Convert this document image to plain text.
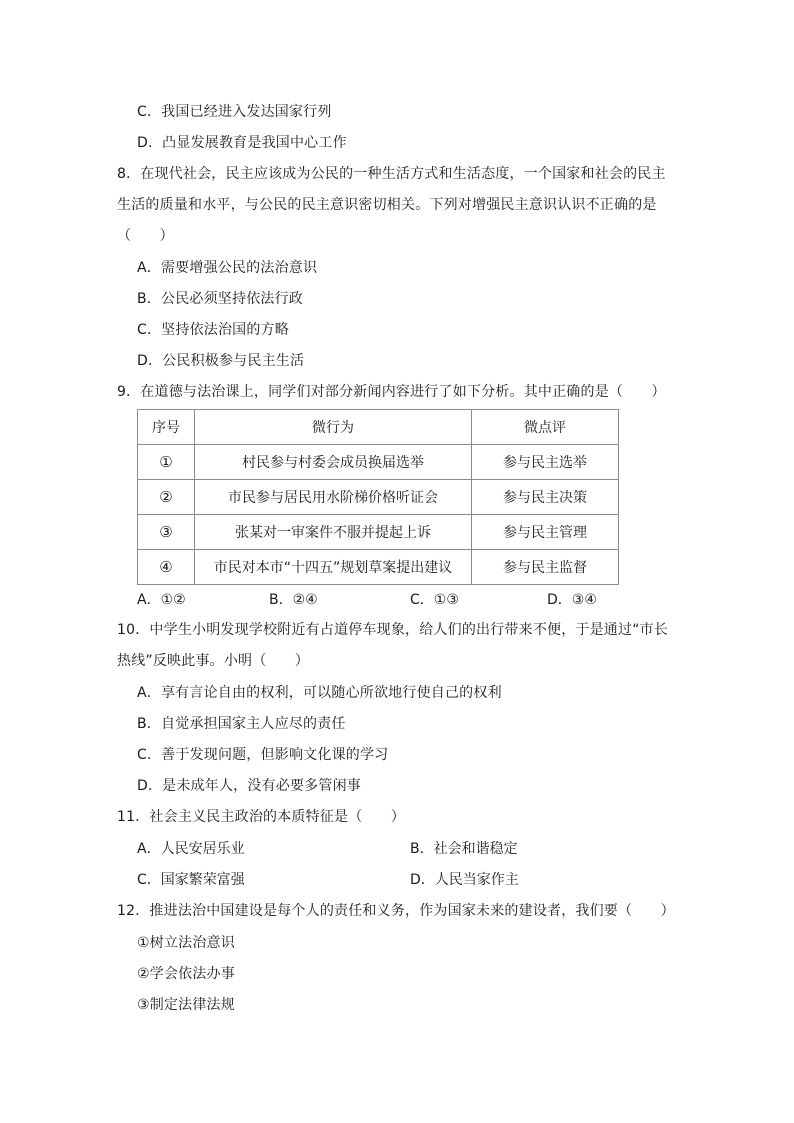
C．我国已经进入发达国家行列
D．凸显发展教育是我国中心工作
8．在现代社会，民主应该成为公民的一种生活方式和生活态度，一个国家和社会的民主生活的质量和水平，与公民的民主意识密切相关。下列对增强民主意识认识不正确的是（　　）
A．需要增强公民的法治意识
B．公民必须坚持依法行政
C．坚持依法治国的方略
D．公民积极参与民主生活
9．在道德与法治课上，同学们对部分新闻内容进行了如下分析。其中正确的是（　　）
序号	微行为	微点评
①	村民参与村委会成员换届选举	参与民主选举
②	市民参与居民用水阶梯价格听证会	参与民主决策
③	张某对一审案件不服并提起上诉	参与民主管理
④	市民对本市“十四五”规划草案提出建议	参与民主监督
A．①②	B．②④	C．①③	D．③④
10．中学生小明发现学校附近有占道停车现象，给人们的出行带来不便，于是通过“市长热线”反映此事。小明（　　）
A．享有言论自由的权利，可以随心所欲地行使自己的权利
B．自觉承担国家主人应尽的责任
C．善于发现问题，但影响文化课的学习
D．是未成年人，没有必要多管闲事
11．社会主义民主政治的本质特征是（　　）
A．人民安居乐业	B．社会和谐稳定
C．国家繁荣富强	D．人民当家作主
12．推进法治中国建设是每个人的责任和义务，作为国家未来的建设者，我们要（　　）
①树立法治意识
②学会依法办事
③制定法律法规
